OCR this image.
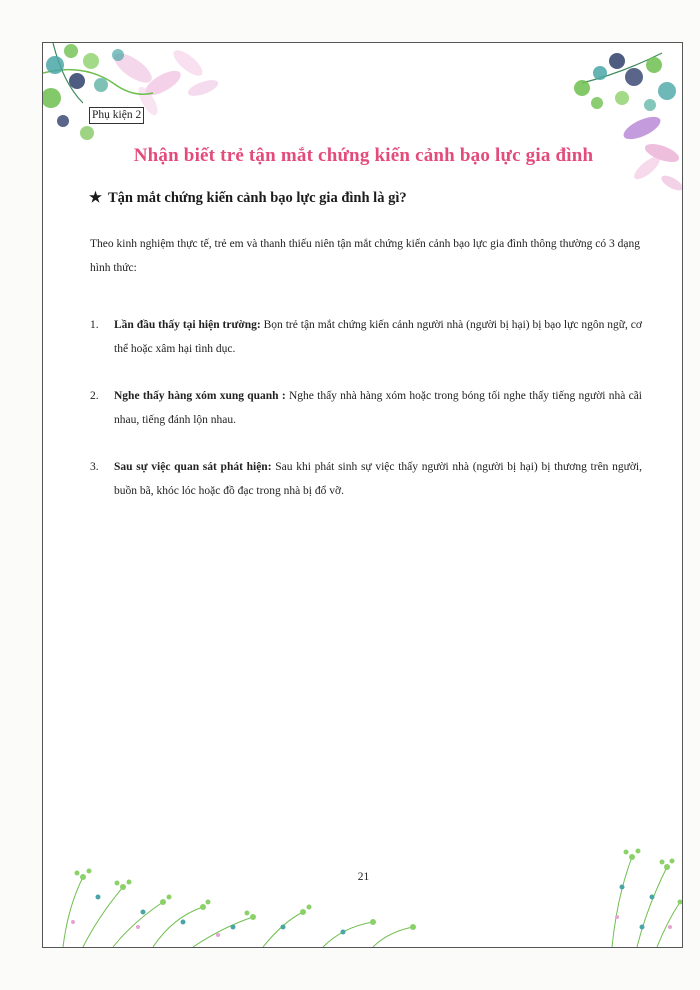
Phụ kiện 2
Nhận biết trẻ tận mắt chứng kiến cảnh bạo lực gia đình
★ Tận mắt chứng kiến cảnh bạo lực gia đình là gì?
Theo kinh nghiệm thực tế, trẻ em và thanh thiếu niên tận mắt chứng kiến cảnh bạo lực gia đình thông thường có 3 dạng hình thức:
1. Lần đầu thấy tại hiện trường: Bọn trẻ tận mắt chứng kiến cảnh người nhà (người bị hại) bị bạo lực ngôn ngữ, cơ thể hoặc xâm hại tình dục.
2. Nghe thấy hàng xóm xung quanh : Nghe thấy nhà hàng xóm hoặc trong bóng tối nghe thấy tiếng người nhà cãi nhau, tiếng đánh lộn nhau.
3. Sau sự việc quan sát phát hiện: Sau khi phát sinh sự việc thấy người nhà (người bị hại) bị thương trên người, buồn bã, khóc lóc hoặc đồ đạc trong nhà bị đổ vỡ.
21
